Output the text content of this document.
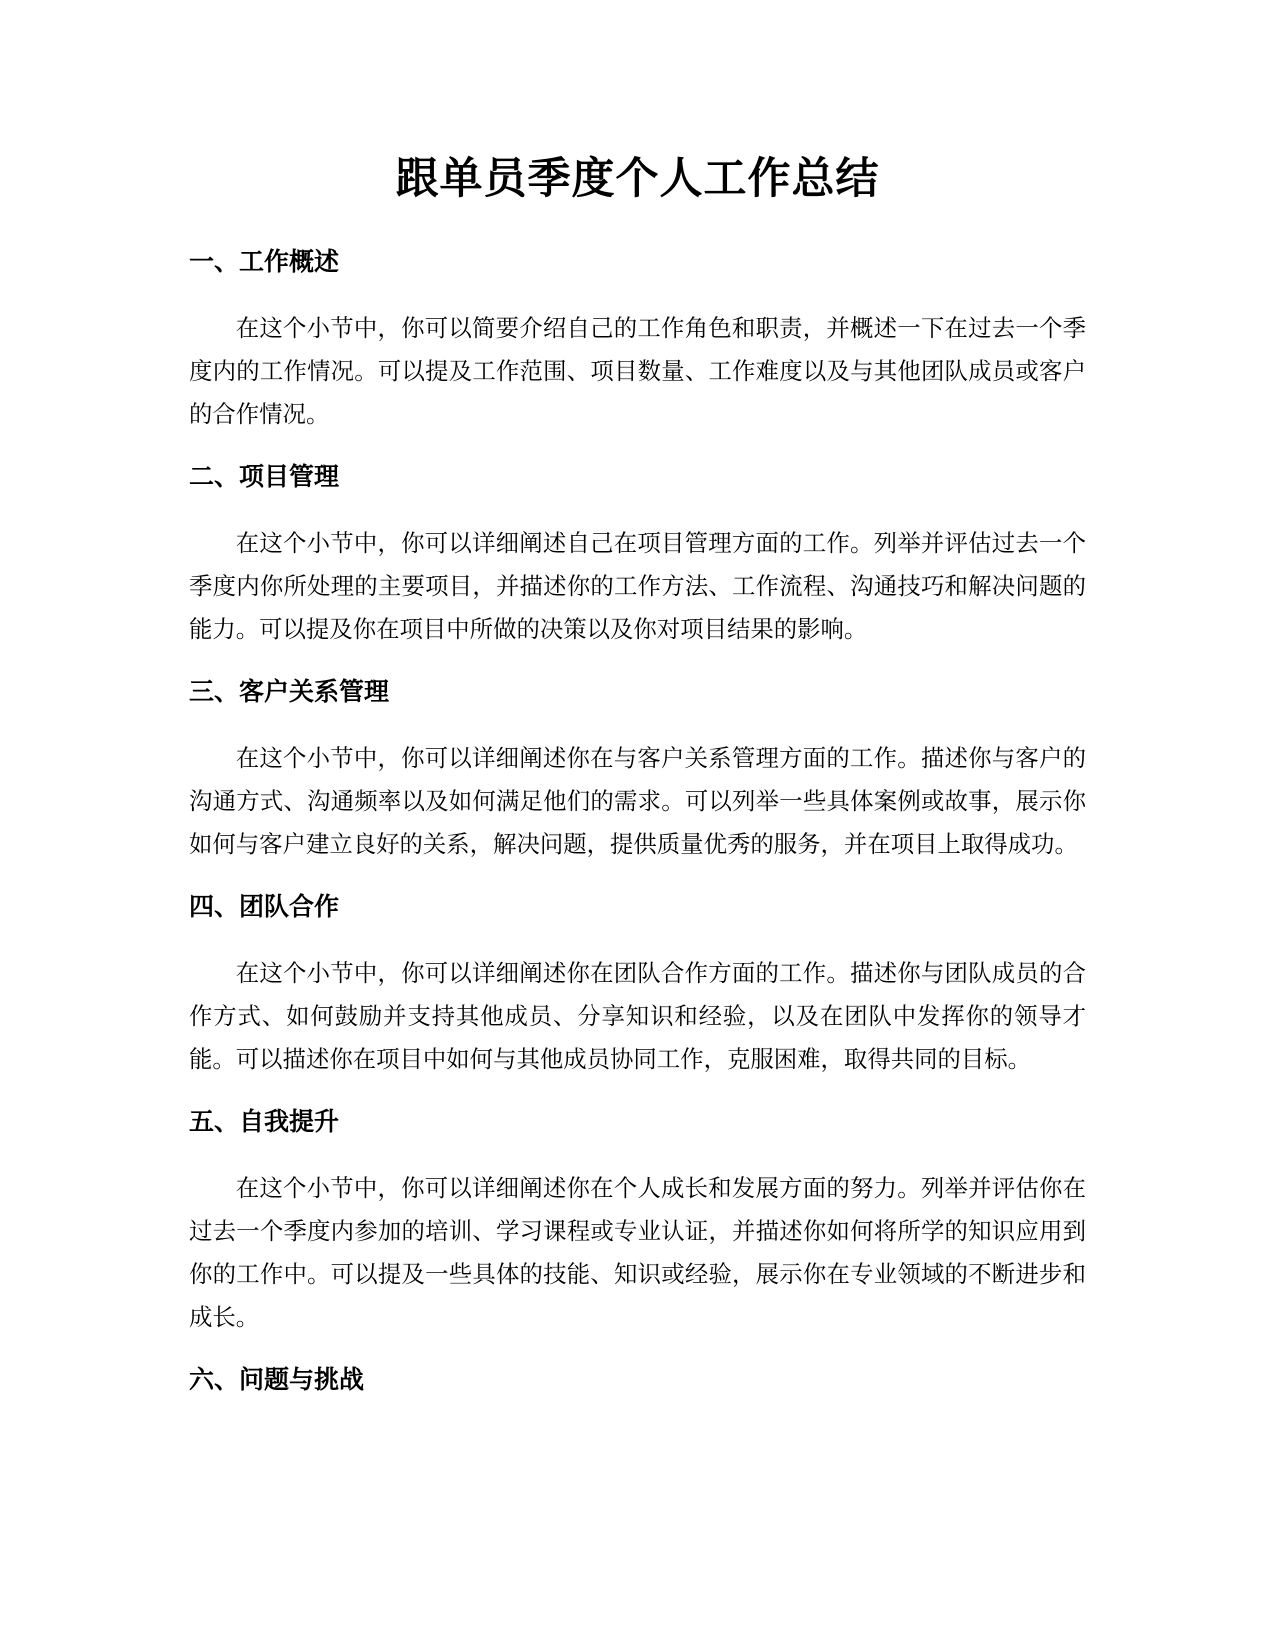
跟单员季度个人工作总结
一、工作概述

在这个小节中，你可以简要介绍自己的工作角色和职责，并概述一下在过去一个季度内的工作情况。可以提及工作范围、项目数量、工作难度以及与其他团队成员或客户的合作情况。

二、项目管理

在这个小节中，你可以详细阐述自己在项目管理方面的工作。列举并评估过去一个季度内你所处理的主要项目，并描述你的工作方法、工作流程、沟通技巧和解决问题的能力。可以提及你在项目中所做的决策以及你对项目结果的影响。

三、客户关系管理

在这个小节中，你可以详细阐述你在与客户关系管理方面的工作。描述你与客户的沟通方式、沟通频率以及如何满足他们的需求。可以列举一些具体案例或故事，展示你如何与客户建立良好的关系，解决问题，提供质量优秀的服务，并在项目上取得成功。

四、团队合作

在这个小节中，你可以详细阐述你在团队合作方面的工作。描述你与团队成员的合作方式、如何鼓励并支持其他成员、分享知识和经验，以及在团队中发挥你的领导才能。可以描述你在项目中如何与其他成员协同工作，克服困难，取得共同的目标。

五、自我提升

在这个小节中，你可以详细阐述你在个人成长和发展方面的努力。列举并评估你在过去一个季度内参加的培训、学习课程或专业认证，并描述你如何将所学的知识应用到你的工作中。可以提及一些具体的技能、知识或经验，展示你在专业领域的不断进步和成长。

六、问题与挑战
